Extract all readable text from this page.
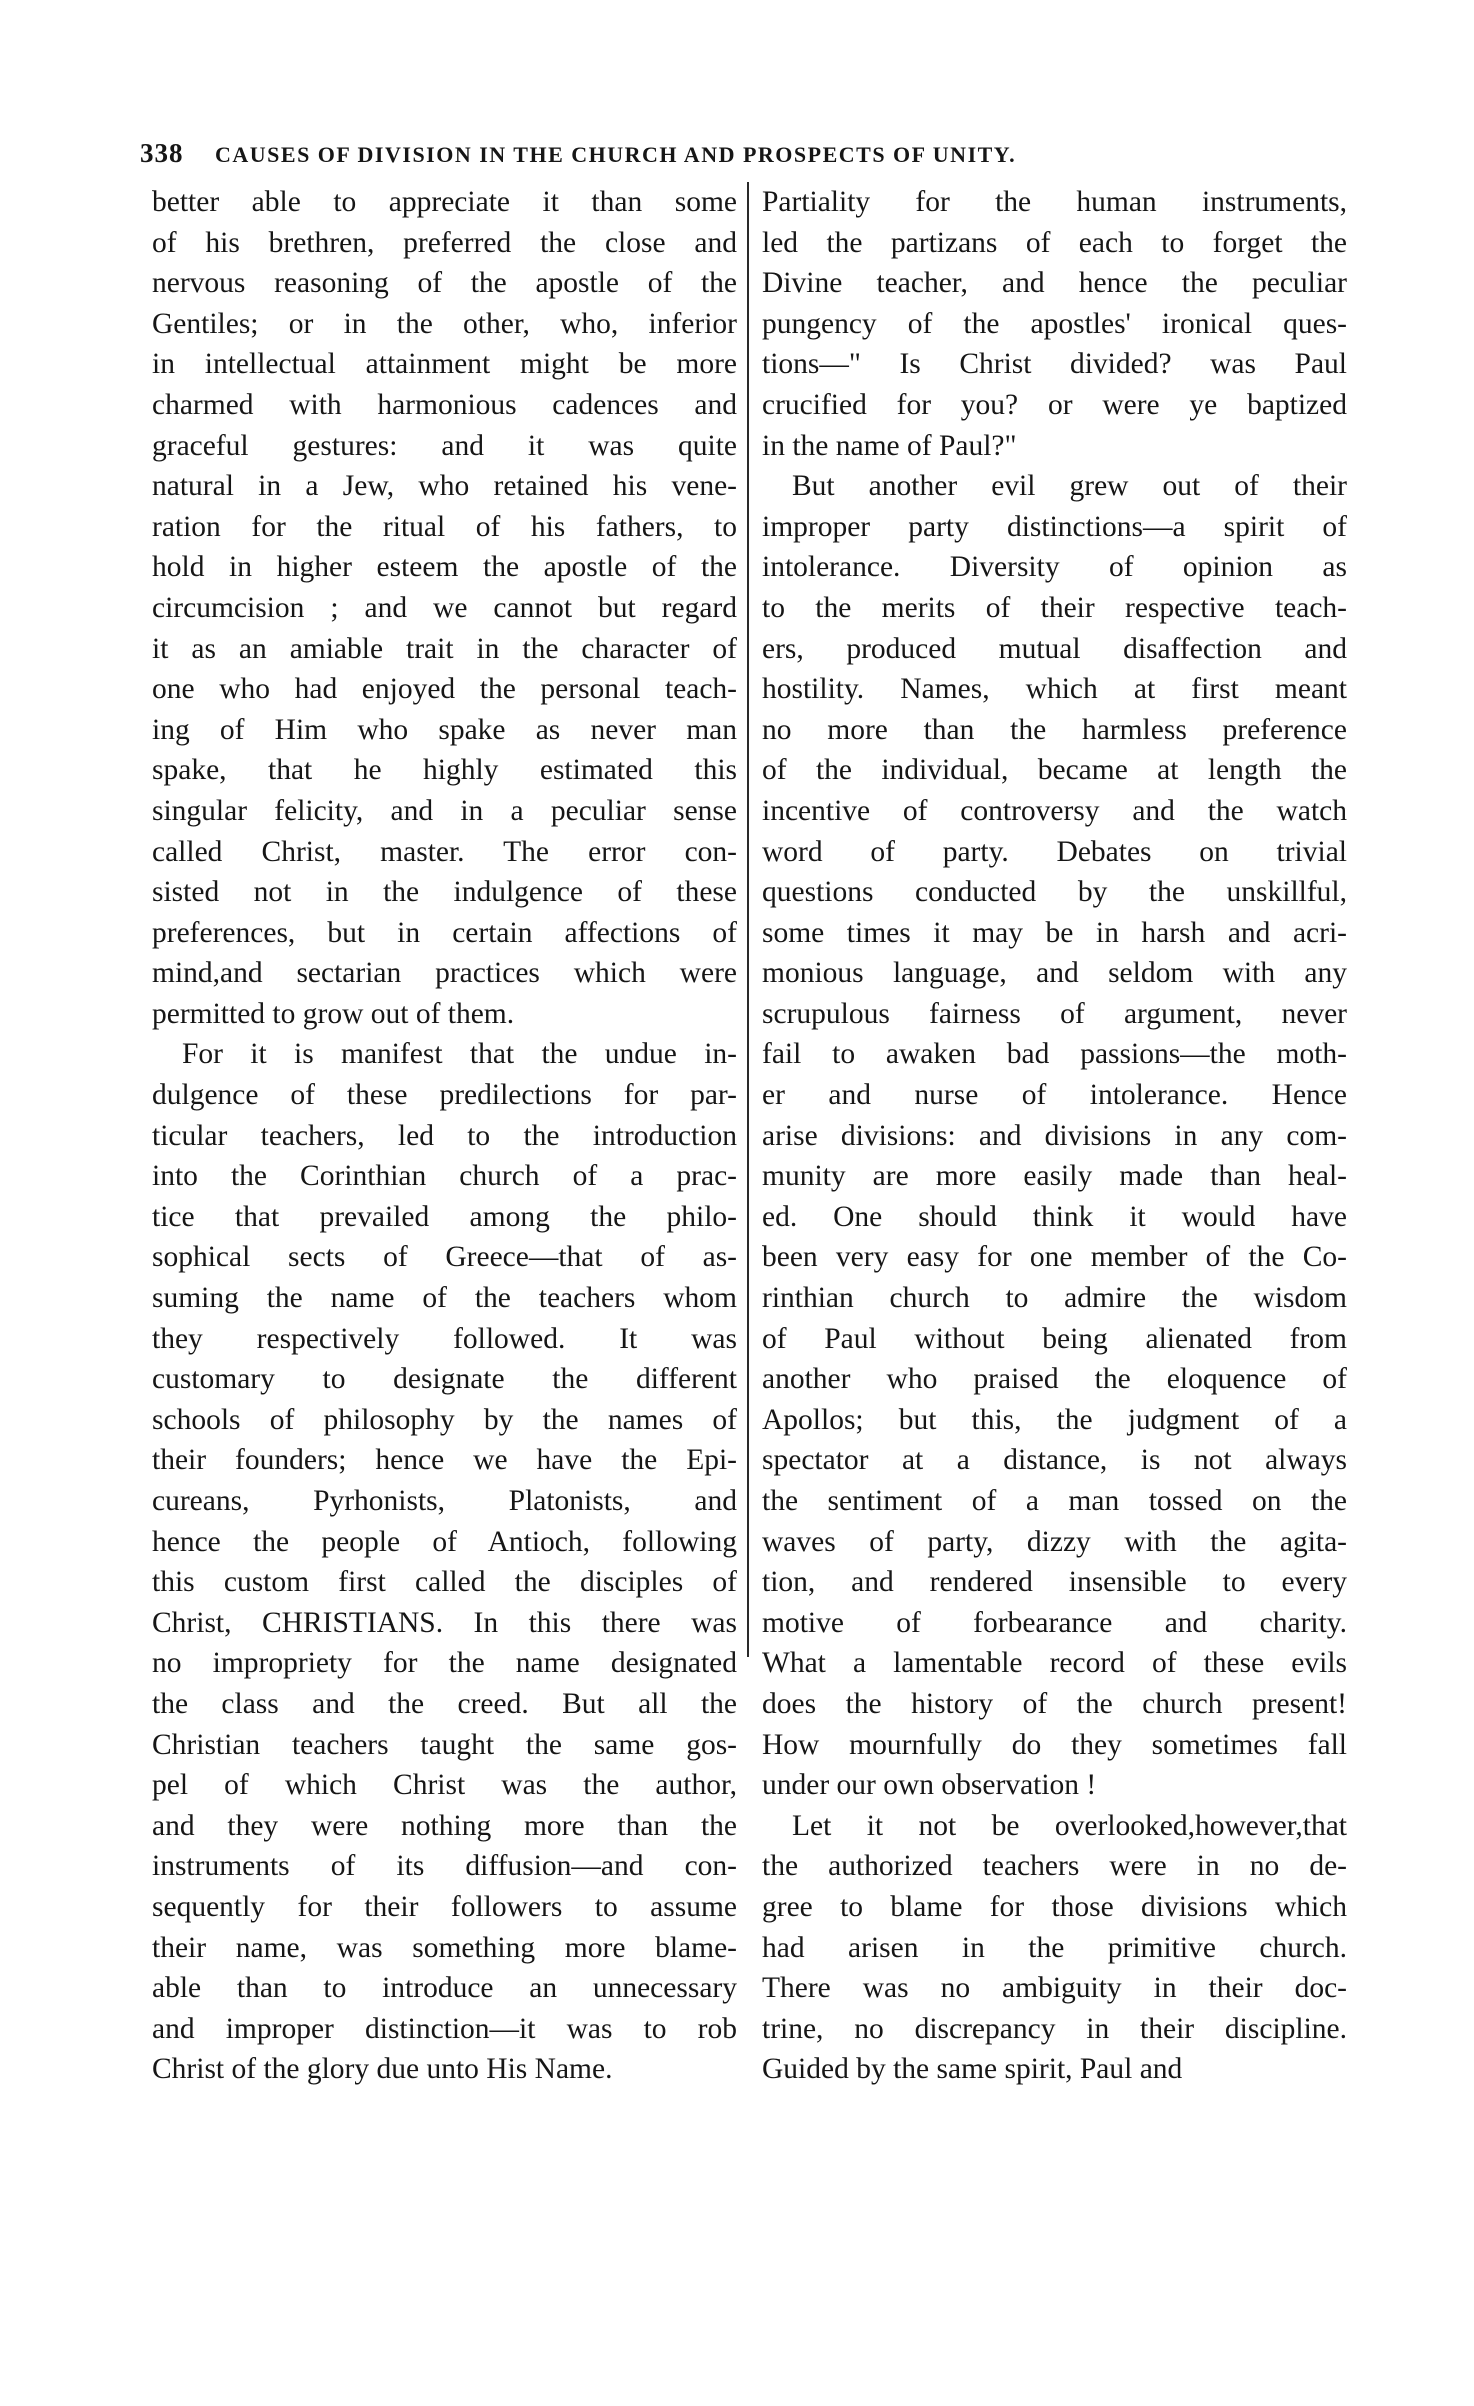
338 CAUSES OF DIVISION IN THE CHURCH AND PROSPECTS OF UNITY.
better able to appreciate it than some
of his brethren, preferred the close and
nervous reasoning of the apostle of the
Gentiles; or in the other, who, inferior
in intellectual attainment might be more
charmed with harmonious cadences and
graceful gestures: and it was quite
natural in a Jew, who retained his vene-
ration for the ritual of his fathers, to
hold in higher esteem the apostle of the
circumcision ; and we cannot but regard
it as an amiable trait in the character of
one who had enjoyed the personal teach-
ing of Him who spake as never man
spake, that he highly estimated this
singular felicity, and in a peculiar sense
called Christ, master. The error con-
sisted not in the indulgence of these
preferences, but in certain affections of
mind,and sectarian practices which were
permitted to grow out of them.
For it is manifest that the undue in-
dulgence of these predilections for par-
ticular teachers, led to the introduction
into the Corinthian church of a prac-
tice that prevailed among the philo-
sophical sects of Greece—that of as-
suming the name of the teachers whom
they respectively followed. It was
customary to designate the different
schools of philosophy by the names of
their founders; hence we have the Epi-
cureans, Pyrhonists, Platonists, and
hence the people of Antioch, following
this custom first called the disciples of
Christ, CHRISTIANS. In this there was
no impropriety for the name designated
the class and the creed. But all the
Christian teachers taught the same gos-
pel of which Christ was the author,
and they were nothing more than the
instruments of its diffusion—and con-
sequently for their followers to assume
their name, was something more blame-
able than to introduce an unnecessary
and improper distinction—it was to rob
Christ of the glory due unto His Name.
Partiality for the human instruments,
led the partizans of each to forget the
Divine teacher, and hence the peculiar
pungency of the apostles' ironical ques-
tions—" Is Christ divided? was Paul
crucified for you? or were ye baptized
in the name of Paul?"
But another evil grew out of their
improper party distinctions—a spirit of
intolerance. Diversity of opinion as
to the merits of their respective teach-
ers, produced mutual disaffection and
hostility. Names, which at first meant
no more than the harmless preference
of the individual, became at length the
incentive of controversy and the watch
word of party. Debates on trivial
questions conducted by the unskillful,
some times it may be in harsh and acri-
monious language, and seldom with any
scrupulous fairness of argument, never
fail to awaken bad passions—the moth-
er and nurse of intolerance. Hence
arise divisions: and divisions in any com-
munity are more easily made than heal-
ed. One should think it would have
been very easy for one member of the Co-
rinthian church to admire the wisdom
of Paul without being alienated from
another who praised the eloquence of
Apollos; but this, the judgment of a
spectator at a distance, is not always
the sentiment of a man tossed on the
waves of party, dizzy with the agita-
tion, and rendered insensible to every
motive of forbearance and charity.
What a lamentable record of these evils
does the history of the church present!
How mournfully do they sometimes fall
under our own observation !
Let it not be overlooked,however,that
the authorized teachers were in no de-
gree to blame for those divisions which
had arisen in the primitive church.
There was no ambiguity in their doc-
trine, no discrepancy in their discipline.
Guided by the same spirit, Paul and
